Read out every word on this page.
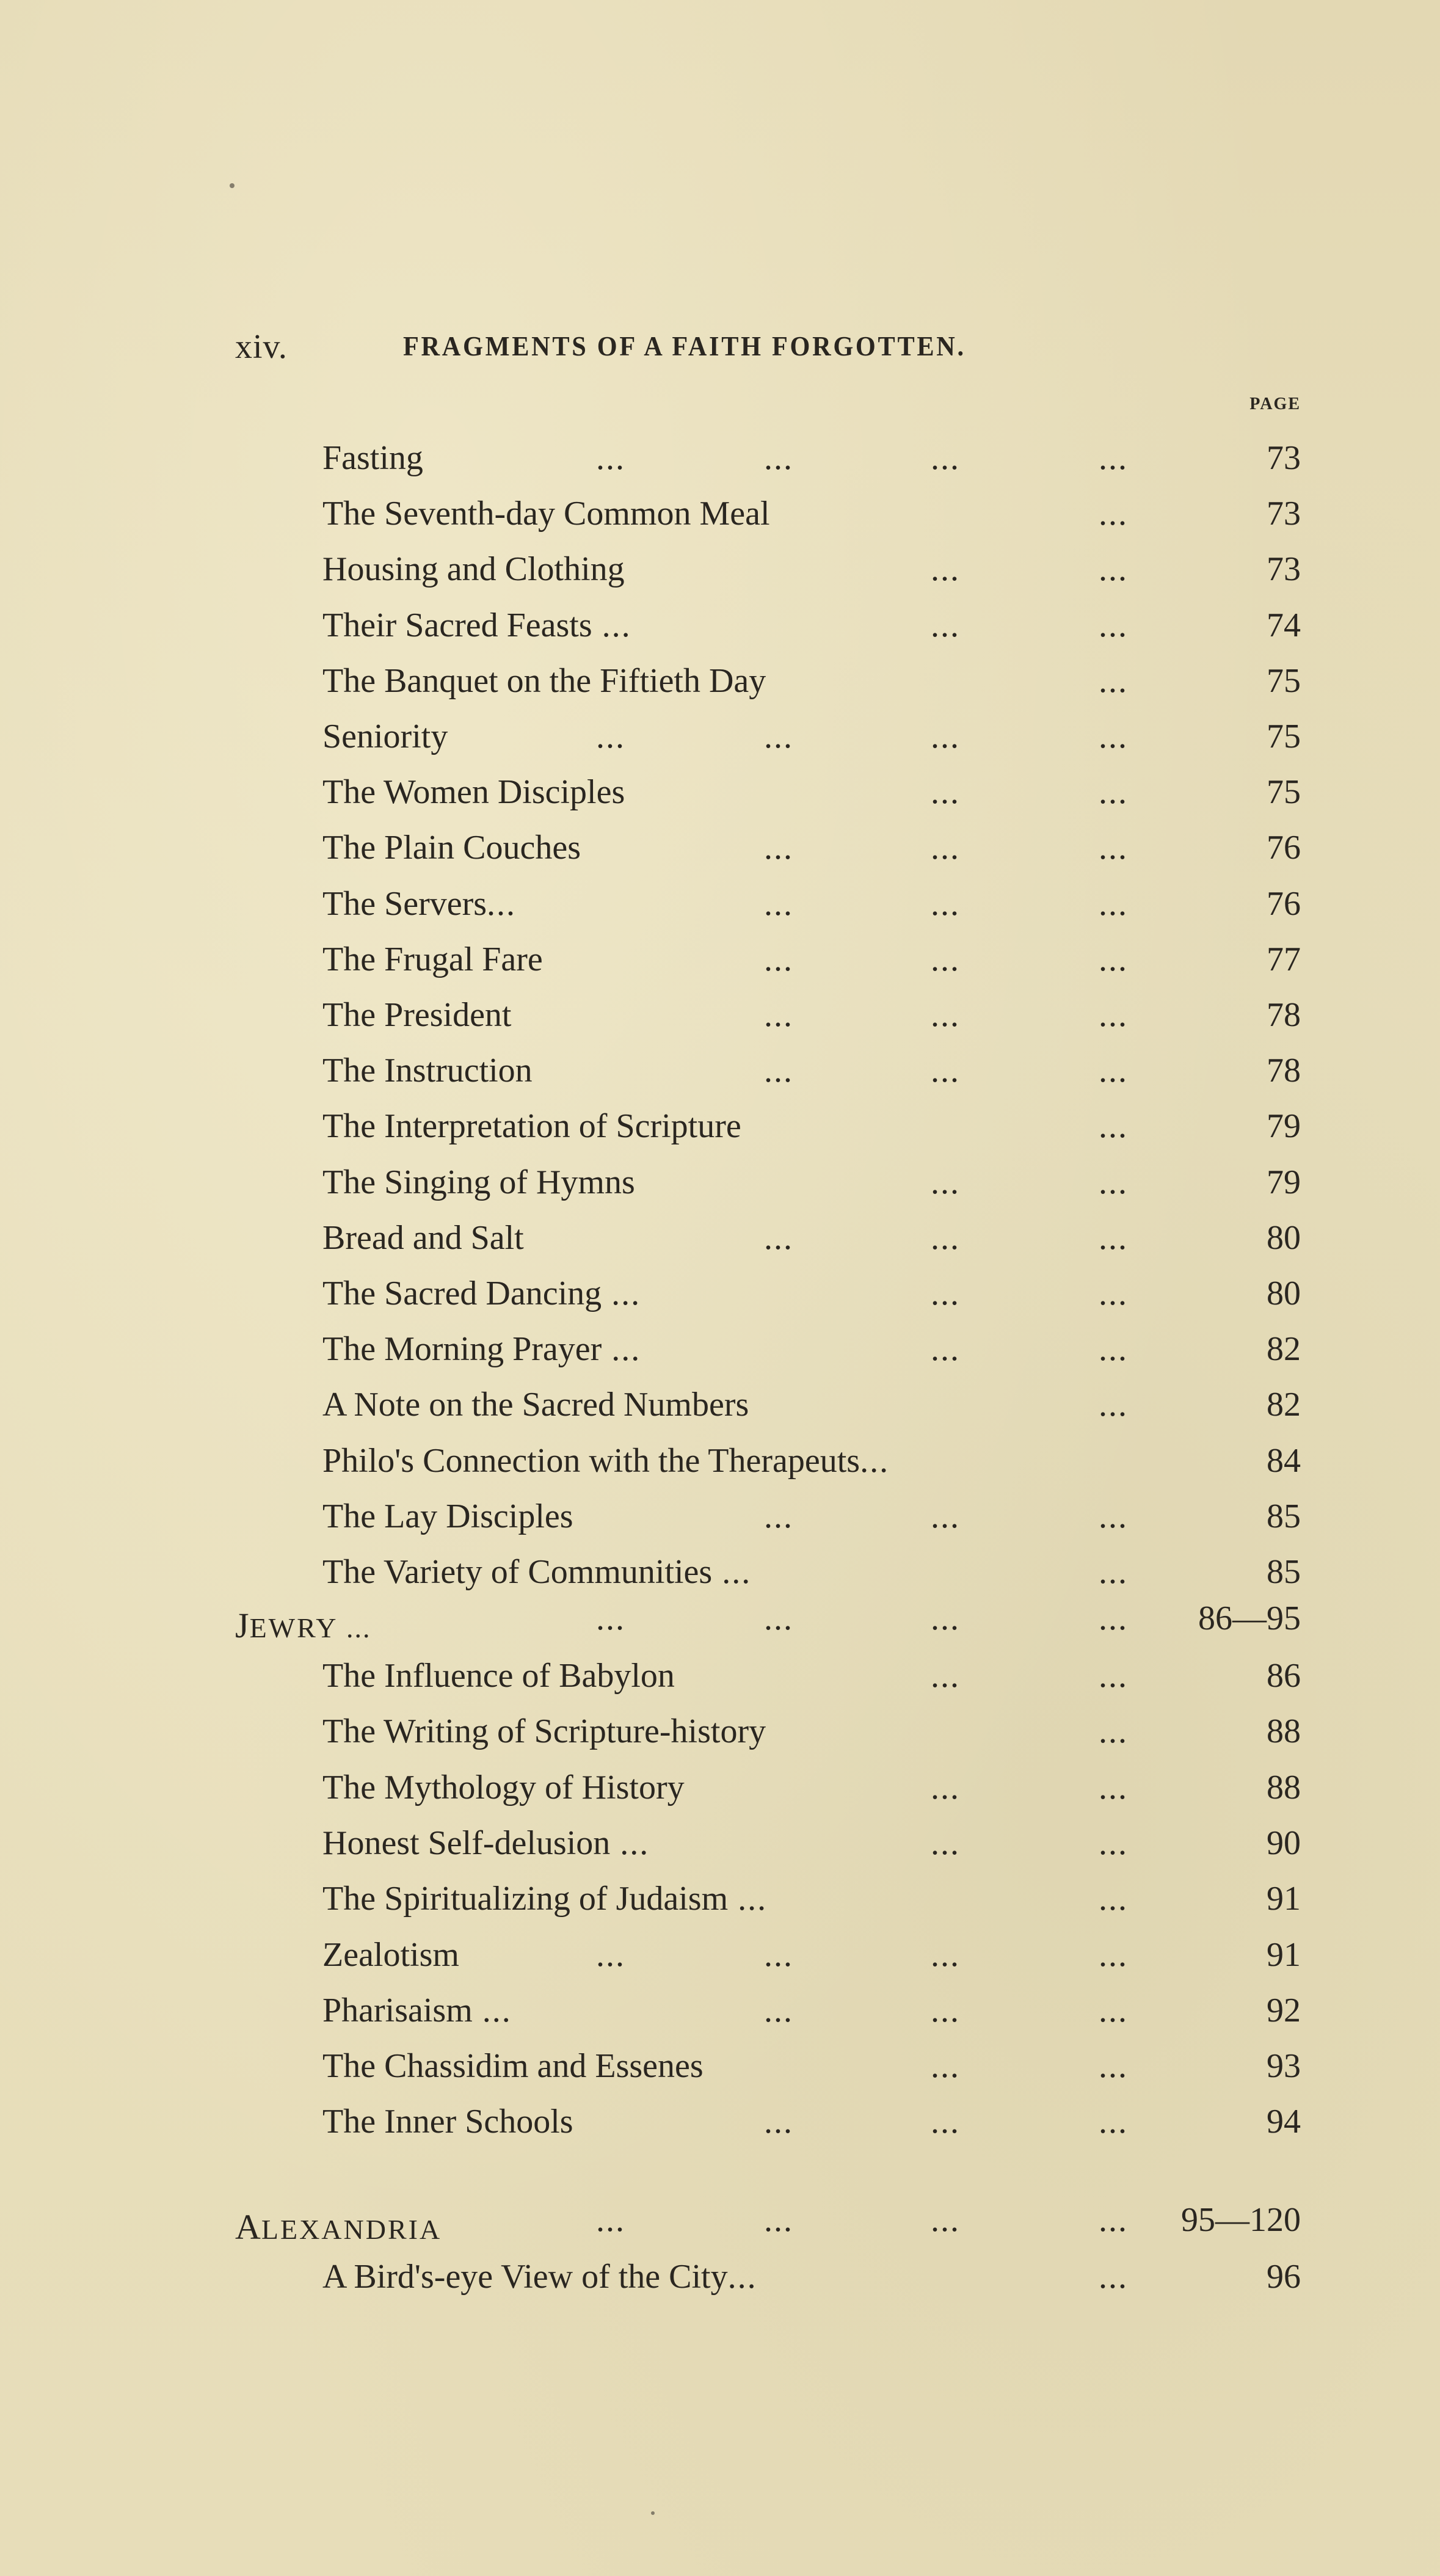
xiv.	FRAGMENTS OF A FAITH FORGOTTEN.
PAGE
Fasting	...	...	...	...	73
The Seventh-day Common Meal	...	73
Housing and Clothing	...	...	73
Their Sacred Feasts ...	...	...	74
The Banquet on the Fiftieth Day	...	75
Seniority	...	...	...	...	75
The Women Disciples	...	...	75
The Plain Couches	...	...	...	76
The Servers...	...	...	...	76
The Frugal Fare	...	...	...	77
The President	...	...	...	78
The Instruction	...	...	...	78
The Interpretation of Scripture	...	79
The Singing of Hymns	...	...	79
Bread and Salt	...	...	...	80
The Sacred Dancing ...	...	...	80
The Morning Prayer ...	...	...	82
A Note on the Sacred Numbers	...	82
Philo's Connection with the Therapeuts...	84
The Lay Disciples	...	...	...	85
The Variety of Communities ...	...	85
JEWRY ...	...	...	...	... 86—95
The Influence of Babylon	...	...	86
The Writing of Scripture-history	...	88
The Mythology of History	...	...	88
Honest Self-delusion ...	...	...	90
The Spiritualizing of Judaism ...	...	91
Zealotism	...	...	...	...	91
Pharisaism ...	...	...	...	92
The Chassidim and Essenes	...	...	93
The Inner Schools	...	...	...	94
ALEXANDRIA	...	...	...	... 95—120
A Bird's-eye View of the City...	...	96
